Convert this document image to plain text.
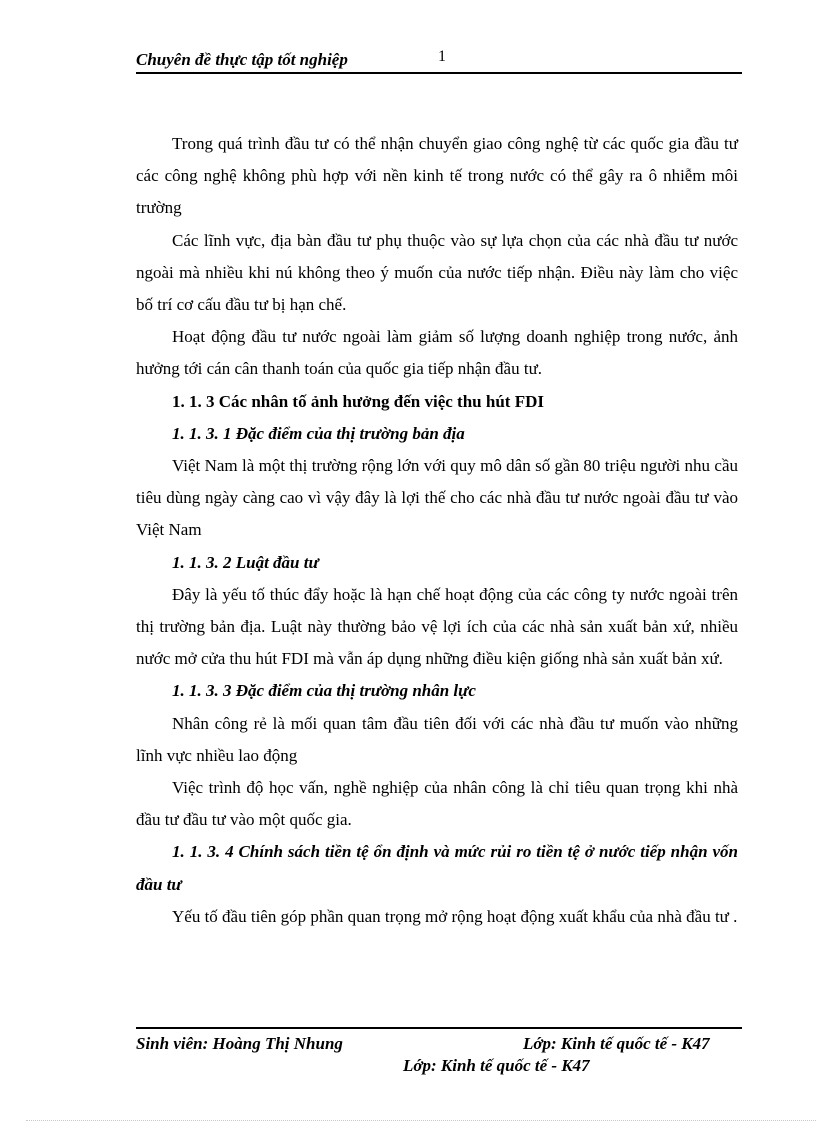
Chuyên đề thực tập tốt nghiệp	1

Trong quá trình đầu tư có thể nhận chuyển giao công nghệ từ các quốc gia đầu tư các công nghệ không phù hợp với nền kinh tế trong nước có thể gây ra ô nhiễm môi trường

Các lĩnh vực, địa bàn đầu tư phụ thuộc vào sự lựa chọn của các nhà đầu tư nước ngoài mà nhiều khi nú không theo ý muốn của nước tiếp nhận. Điều này làm cho việc bố trí cơ cấu đầu tư bị hạn chế.

Hoạt động đầu tư nước ngoài làm giảm số lượng doanh nghiệp trong nước, ảnh hưởng tới cán cân thanh toán của quốc gia tiếp nhận đầu tư.

1. 1. 3 Các nhân tố ảnh hưởng đến việc thu hút FDI

1. 1. 3. 1 Đặc điểm của thị trường bản địa

Việt Nam là một thị trường rộng lớn với quy mô dân số gần 80 triệu người nhu cầu tiêu dùng ngày càng cao vì vậy đây là lợi thế cho các nhà đầu tư nước ngoài đầu tư vào Việt Nam

1. 1. 3. 2 Luật đầu tư

Đây là yếu tố thúc đẩy hoặc là hạn chế hoạt động của các công ty nước ngoài trên thị trường bản địa. Luật này thường bảo vệ lợi ích của các nhà sản xuất bản xứ, nhiều nước mở cửa thu hút FDI mà vẫn áp dụng những điều kiện giống nhà sản xuất bản xứ.

1. 1. 3. 3 Đặc điểm của thị trường nhân lực

Nhân công rẻ là mối quan tâm đầu tiên đối với các nhà đầu tư muốn vào những lĩnh vực nhiều lao động

Việc trình độ học vấn, nghề nghiệp của nhân công là chỉ tiêu quan trọng khi nhà đầu tư đầu tư vào một quốc gia.

1. 1. 3. 4 Chính sách tiền tệ ổn định và mức rủi ro tiền tệ ở nước tiếp nhận vốn đầu tư

Yếu tố đầu tiên góp phần quan trọng mở rộng hoạt động xuất khẩu của nhà đầu tư .

Sinh viên: Hoàng Thị Nhung	Lớp: Kinh tế quốc tế - K47
Lớp: Kinh tế quốc tế - K47
